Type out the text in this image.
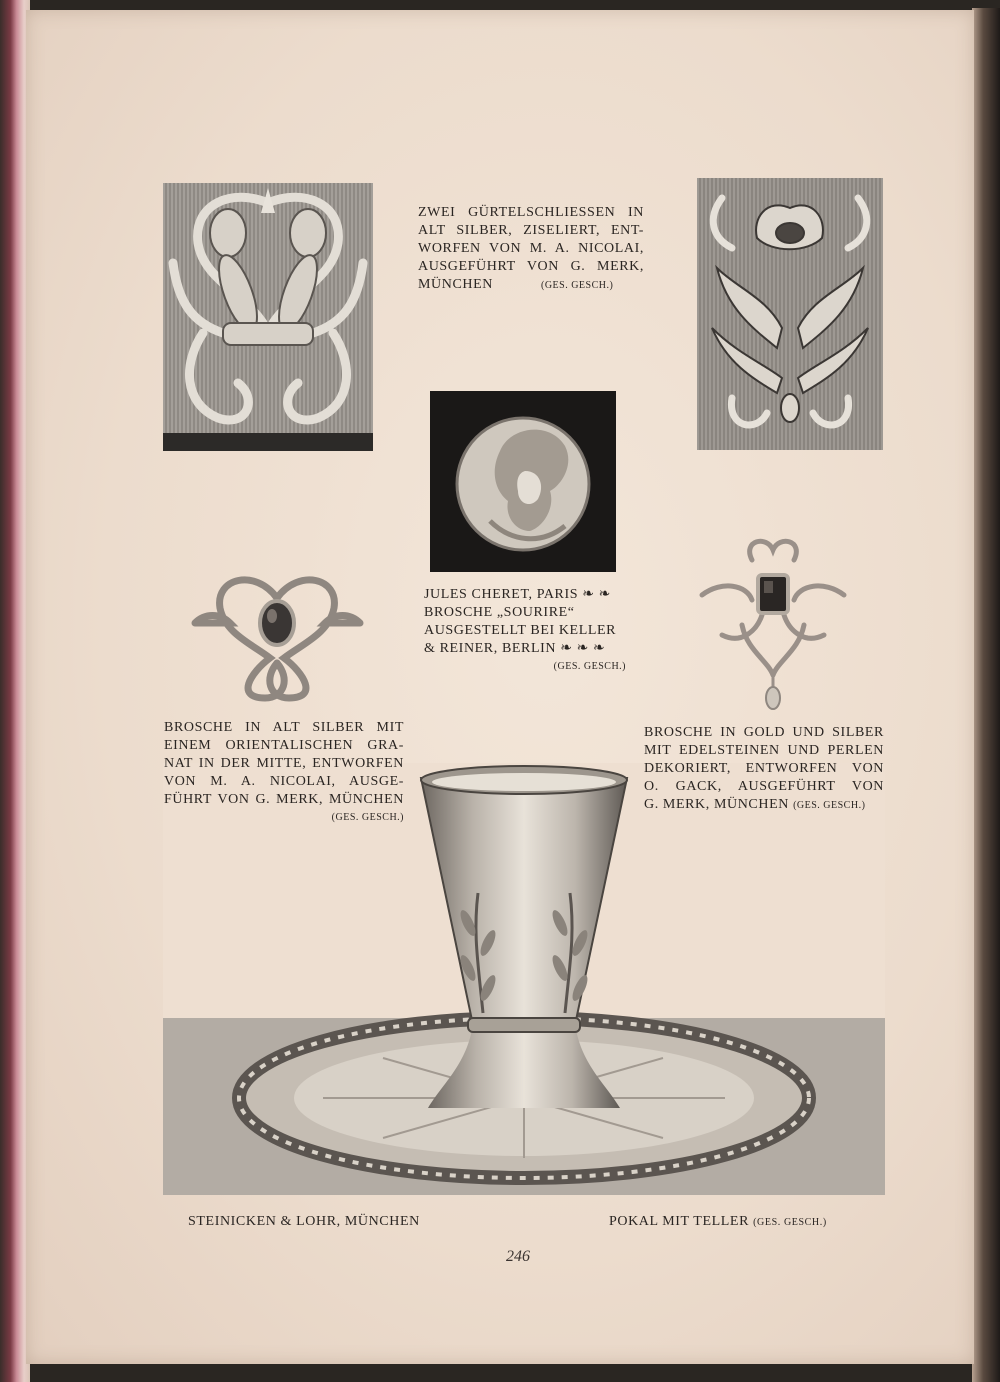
ZWEI GÜRTELSCHLIESSEN IN
ALT SILBER, ZISELIERT, ENT-
WORFEN VON M. A. NICOLAI,
AUSGEFÜHRT VON G. MERK,
MÜNCHEN	(GES. GESCH.)
JULES CHERET, PARIS ❧ ❧
BROSCHE „SOURIRE“
AUSGESTELLT BEI KELLER
& REINER, BERLIN ❧ ❧ ❧
(GES. GESCH.)
BROSCHE IN ALT SILBER MIT
EINEM ORIENTALISCHEN GRA-
NAT IN DER MITTE, ENTWORFEN
VON M. A. NICOLAI, AUSGE-
FÜHRT VON G. MERK, MÜNCHEN
(GES. GESCH.)
BROSCHE IN GOLD UND SILBER
MIT EDELSTEINEN UND PERLEN
DEKORIERT, ENTWORFEN VON
O. GACK, AUSGEFÜHRT VON
G. MERK, MÜNCHEN (GES. GESCH.)
STEINICKEN & LOHR, MÜNCHEN	POKAL MIT TELLER (GES. GESCH.)
246
